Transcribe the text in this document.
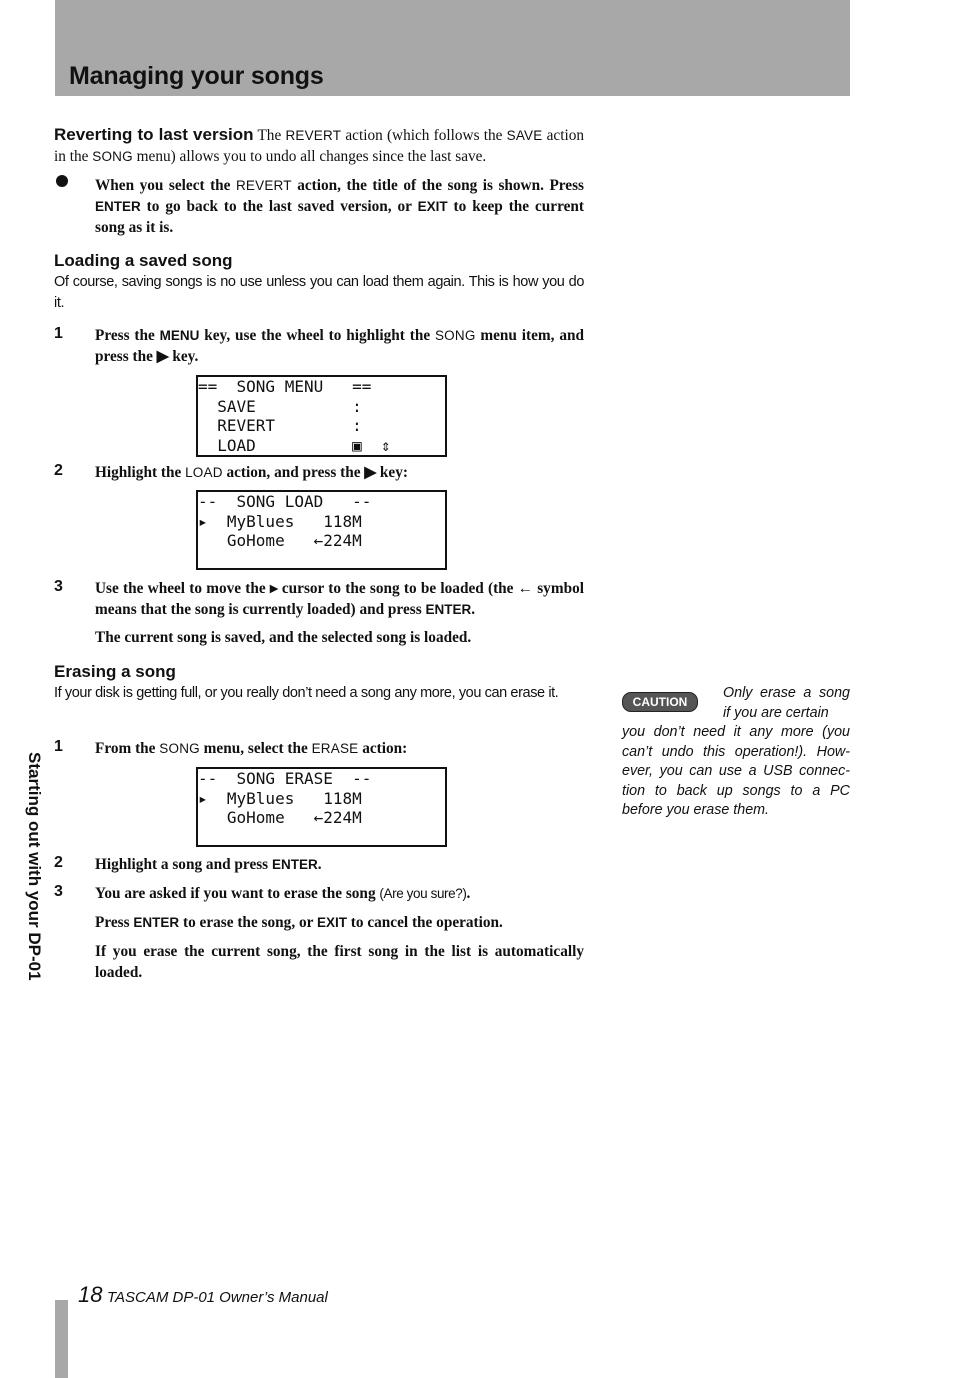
Managing your songs
Starting out with your DP-01

Reverting to last version The REVERT action (which follows the SAVE action in the SONG menu) allows you to undo all changes since the last save.

When you select the REVERT action, the title of the song is shown. Press ENTER to go back to the last saved version, or EXIT to keep the current song as it is.

Loading a saved song

Of course, saving songs is no use unless you can load them again. This is how you do it.

1 Press the MENU key, use the wheel to highlight the SONG menu item, and press the ▶ key.

==  SONG MENU   ==
SAVE          :
REVERT        :
LOAD          ▣  ⇕
2 Highlight the LOAD action, and press the ▶ key:

--  SONG LOAD   --
▸  MyBlues   118M
GoHome   ←224M
3 Use the wheel to move the ▸ cursor to the song to be loaded (the ← symbol means that the song is currently loaded) and press ENTER.

The current song is saved, and the selected song is loaded.

Erasing a song

If your disk is getting full, or you really don’t need a song any more, you can erase it.

1 From the SONG menu, select the ERASE action:

--  SONG ERASE  --
▸  MyBlues   118M
GoHome   ←224M
2 Highlight a song and press ENTER.

3 You are asked if you want to erase the song (Are you sure?).

Press ENTER to erase the song, or EXIT to cancel the operation.

If you erase the current song, the first song in the list is automatically loaded.

CAUTION
Only erase a song if you are certain
you don’t need it any more (you can’t undo this operation!). How-ever, you can use a USB connec-tion to back up songs to a PC before you erase them.
18 TASCAM DP-01 Owner’s Manual
